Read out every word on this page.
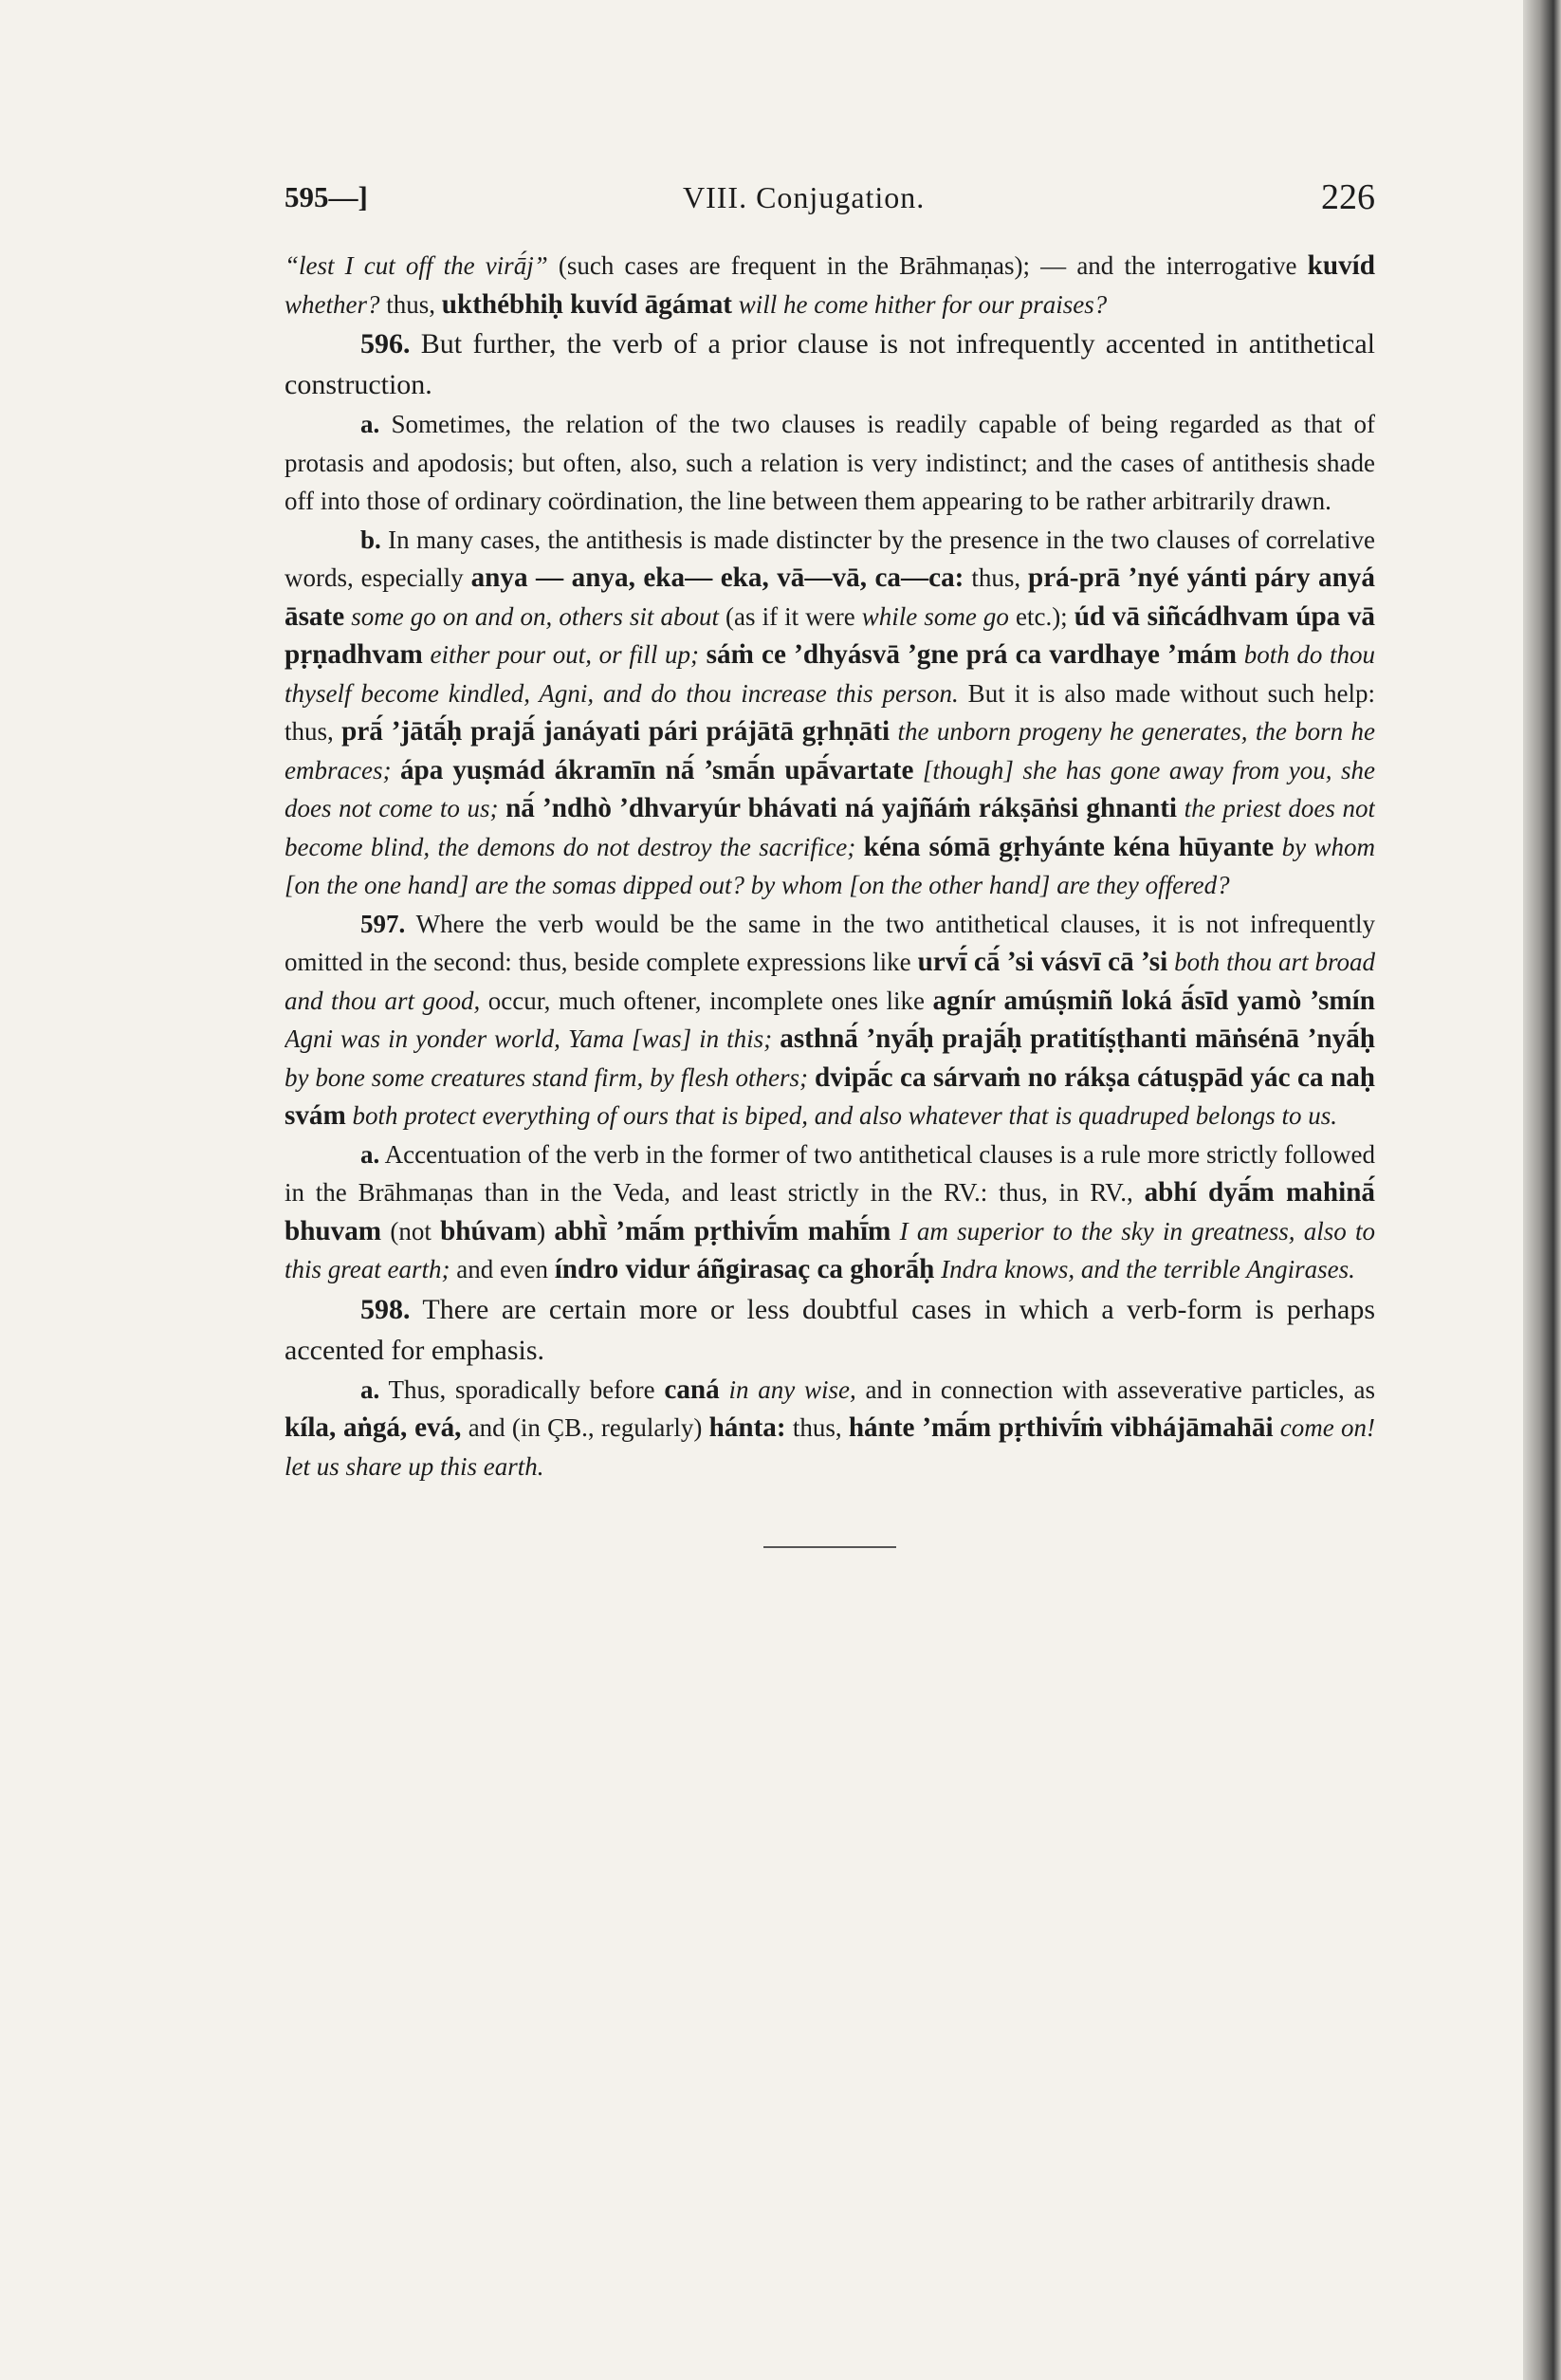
595—]	VIII. Conjugation.	226

“lest I cut off the virā́j” (such cases are frequent in the Brāhmaṇas); — and the interrogative kuvíd whether? thus, ukthébhiḥ kuvíd āgámat will he come hither for our praises?

596. But further, the verb of a prior clause is not infrequently accented in antithetical construction.

a. Sometimes, the relation of the two clauses is readily capable of being regarded as that of protasis and apodosis; but often, also, such a relation is very indistinct; and the cases of antithesis shade off into those of ordinary coördination, the line between them appearing to be rather arbitrarily drawn.

b. In many cases, the antithesis is made distincter by the presence in the two clauses of correlative words, especially anya — anya, eka— eka, vā—vā, ca—ca: thus, prá-prā ’nyé yánti páry anyá āsate some go on and on, others sit about (as if it were while some go etc.); úd vā siñcádhvam úpa vā pṛṇadhvam either pour out, or fill up; sáṁ ce ’dhyásvā ’gne prá ca vardhaye ’mám both do thou thyself become kindled, Agni, and do thou increase this person. But it is also made without such help: thus, prā́ ’jātā́ḥ prajā́ janáyati pári prájātā gṛhṇāti the unborn progeny he generates, the born he embraces; ápa yuṣmád ákramīn nā́ ’smā́n upā́vartate [though] she has gone away from you, she does not come to us; nā́ ’ndhò ’dhvaryúr bhávati ná yajñáṁ rákṣāṅsi ghnanti the priest does not become blind, the demons do not destroy the sacrifice; kéna sómā gṛhyánte kéna hūyante by whom [on the one hand] are the somas dipped out? by whom [on the other hand] are they offered?

597. Where the verb would be the same in the two antithetical clauses, it is not infrequently omitted in the second: thus, beside complete expressions like urvī́ cā́ ’si vásvī cā ’si both thou art broad and thou art good, occur, much oftener, incomplete ones like agnír amúṣmiñ loká ā́sīd yamò ’smín Agni was in yonder world, Yama [was] in this; asthnā́ ’nyā́ḥ prajā́ḥ pratitíṣṭhanti māṅsénā ’nyā́ḥ by bone some creatures stand firm, by flesh others; dvipā́c ca sárvaṁ no rákṣa cátuṣpād yác ca naḥ svám both protect everything of ours that is biped, and also whatever that is quadruped belongs to us.

a. Accentuation of the verb in the former of two antithetical clauses is a rule more strictly followed in the Brāhmaṇas than in the Veda, and least strictly in the RV.: thus, in RV., abhí dyā́m mahinā́ bhuvam (not bhúvam) abhī̀ ’mā́m pṛthivī́m mahī́m I am superior to the sky in greatness, also to this great earth; and even índro vidur áñgirasaç ca ghorā́ḥ Indra knows, and the terrible Angirases.

598. There are certain more or less doubtful cases in which a verb-form is perhaps accented for emphasis.

a. Thus, sporadically before caná in any wise, and in connection with asseverative particles, as kíla, aṅgá, evá, and (in ÇB., regularly) hánta: thus, hánte ’mā́m pṛthivī́ṁ vibhájāmahāi come on! let us share up this earth.
